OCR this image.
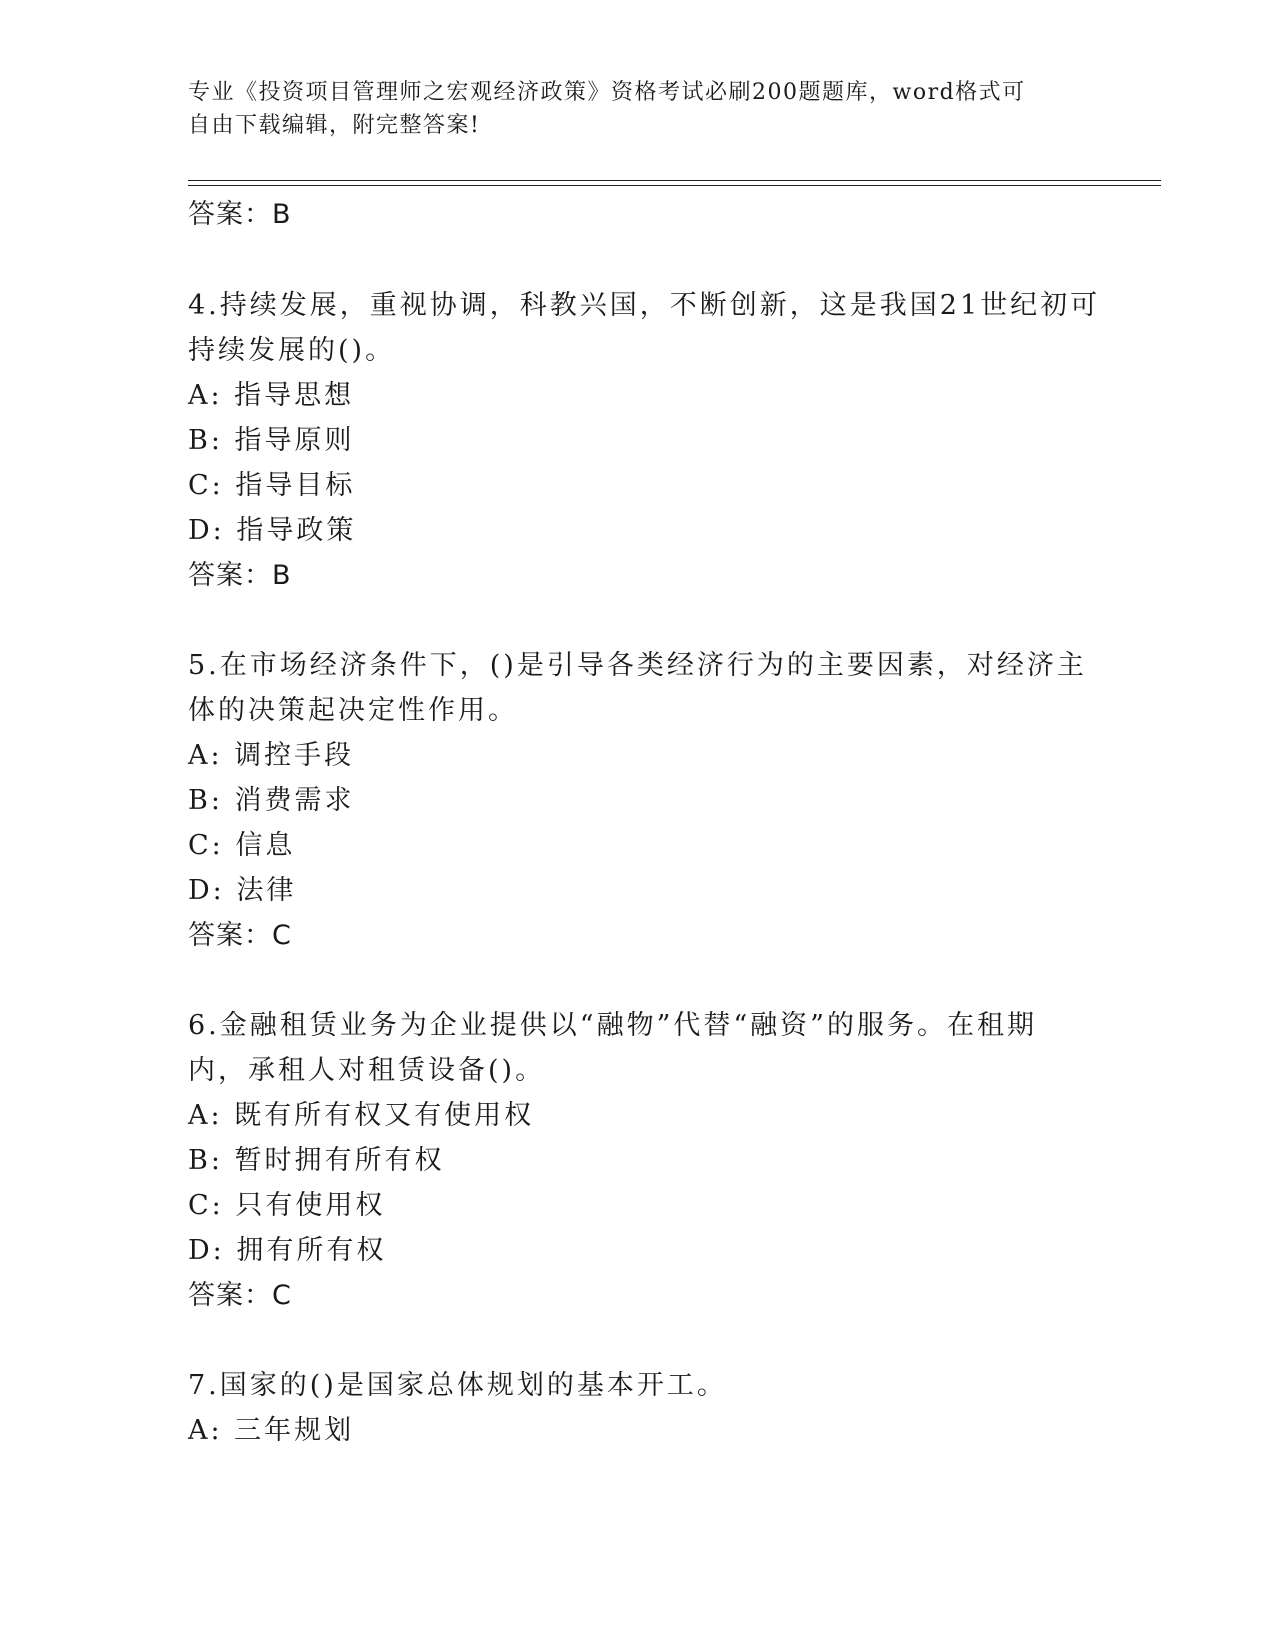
专业《投资项目管理师之宏观经济政策》资格考试必刷200题题库，word格式可
自由下载编辑，附完整答案!
答案：B
4.持续发展，重视协调，科教兴国，不断创新，这是我国21世纪初可
持续发展的()。
A: 指导思想
B: 指导原则
C: 指导目标
D: 指导政策
答案：B
5.在市场经济条件下，()是引导各类经济行为的主要因素，对经济主
体的决策起决定性作用。
A: 调控手段
B: 消费需求
C: 信息
D: 法律
答案：C
6.金融租赁业务为企业提供以“融物”代替“融资”的服务。在租期
内，承租人对租赁设备()。
A: 既有所有权又有使用权
B: 暂时拥有所有权
C: 只有使用权
D: 拥有所有权
答案：C
7.国家的()是国家总体规划的基本开工。
A: 三年规划
